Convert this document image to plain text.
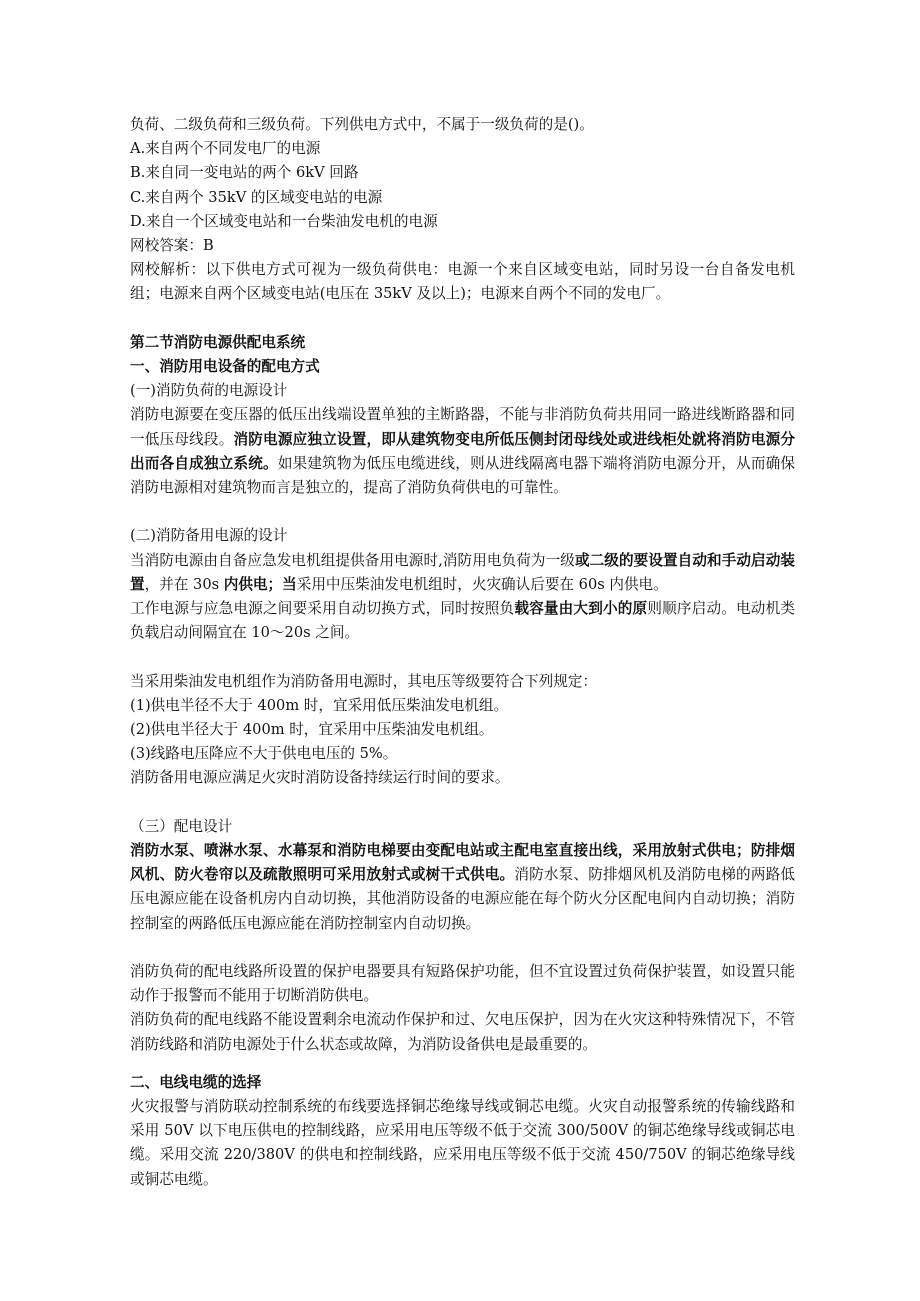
负荷、二级负荷和三级负荷。下列供电方式中，不属于一级负荷的是()。

A.来自两个不同发电厂的电源

B.来自同一变电站的两个 6kV 回路

C.来自两个 35kV 的区域变电站的电源

D.来自一个区域变电站和一台柴油发电机的电源

网校答案：B

网校解析：以下供电方式可视为一级负荷供电：电源一个来自区域变电站，同时另设一台自备发电机组；电源来自两个区域变电站(电压在 35kV 及以上)；电源来自两个不同的发电厂。

第二节消防电源供配电系统

一、消防用电设备的配电方式

(一)消防负荷的电源设计

消防电源要在变压器的低压出线端设置单独的主断路器，不能与非消防负荷共用同一路进线断路器和同一低压母线段。消防电源应独立设置，即从建筑物变电所低压侧封闭母线处或进线柜处就将消防电源分出而各自成独立系统。如果建筑物为低压电缆进线，则从进线隔离电器下端将消防电源分开，从而确保消防电源相对建筑物而言是独立的，提高了消防负荷供电的可靠性。

(二)消防备用电源的设计

当消防电源由自备应急发电机组提供备用电源时,消防用电负荷为一级或二级的要设置自动和手动启动装置，并在 30s 内供电；当采用中压柴油发电机组时，火灾确认后要在 60s 内供电。

工作电源与应急电源之间要采用自动切换方式，同时按照负载容量由大到小的原则顺序启动。电动机类负载启动间隔宜在 10～20s 之间。

当采用柴油发电机组作为消防备用电源时，其电压等级要符合下列规定：

(1)供电半径不大于 400m 时，宜采用低压柴油发电机组。

(2)供电半径大于 400m 时，宜采用中压柴油发电机组。

(3)线路电压降应不大于供电电压的 5%。

消防备用电源应满足火灾时消防设备持续运行时间的要求。

（三）配电设计

消防水泵、喷淋水泵、水幕泵和消防电梯要由变配电站或主配电室直接出线，采用放射式供电；防排烟风机、防火卷帘以及疏散照明可采用放射式或树干式供电。消防水泵、防排烟风机及消防电梯的两路低压电源应能在设备机房内自动切换，其他消防设备的电源应能在每个防火分区配电间内自动切换；消防控制室的两路低压电源应能在消防控制室内自动切换。

消防负荷的配电线路所设置的保护电器要具有短路保护功能，但不宜设置过负荷保护装置，如设置只能动作于报警而不能用于切断消防供电。

消防负荷的配电线路不能设置剩余电流动作保护和过、欠电压保护，因为在火灾这种特殊情况下，不管消防线路和消防电源处于什么状态或故障，为消防设备供电是最重要的。

二、电线电缆的选择

火灾报警与消防联动控制系统的布线要选择铜芯绝缘导线或铜芯电缆。火灾自动报警系统的传输线路和采用 50V 以下电压供电的控制线路，应采用电压等级不低于交流 300/500V 的铜芯绝缘导线或铜芯电缆。采用交流 220/380V 的供电和控制线路，应采用电压等级不低于交流 450/750V 的铜芯绝缘导线或铜芯电缆。
